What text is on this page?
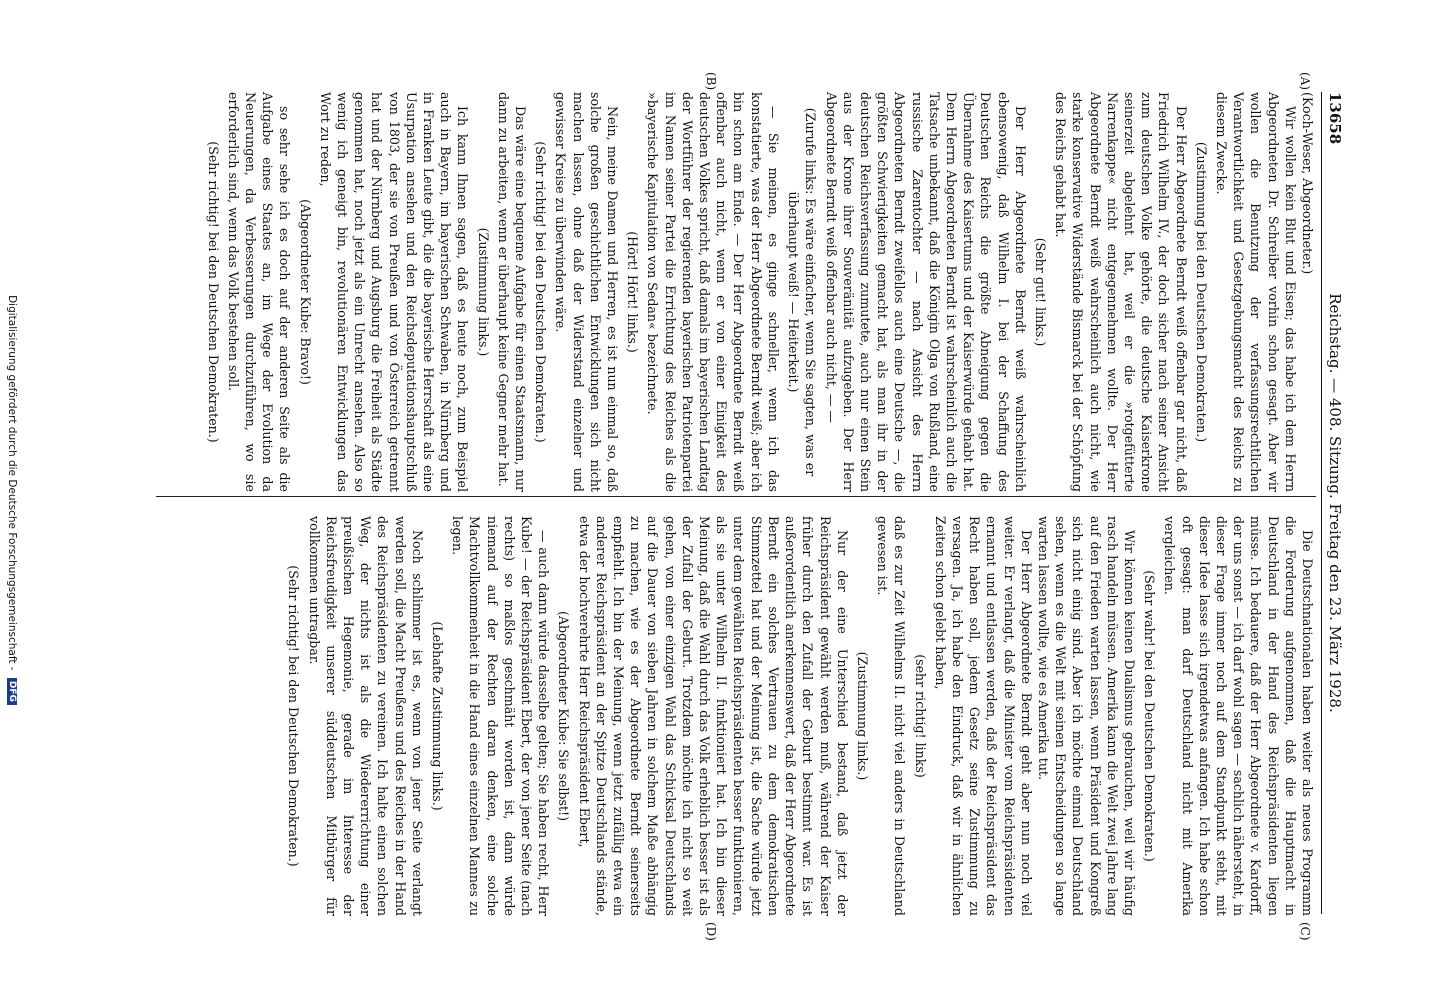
13658
Reichstag. — 408. Sitzung. Freitag den 23. März 1928.
(A)
(B)
(C)
(D)

(Koch-Weser, Abgeordneter.)

Wir wollen kein Blut und Eisen; das habe ich dem Herrn Abgeordneten Dr. Schreiber vorhin schon gesagt. Aber wir wollen die Benutzung der verfassungsrechtlichen Verantwortlichkeit und Gesetzgebungsmacht des Reichs zu diesem Zwecke.

(Zustimmung bei den Deutschen Demokraten.)

Der Herr Abgeordnete Berndt weiß offenbar gar nicht, daß Friedrich Wilhelm IV., der doch sicher nach seiner Ansicht zum deutschen Volke gehörte, die deutsche Kaiserkrone seinerzeit abgelehnt hat, weil er die »rotgefütterte Narrenkappe« nicht entgegennehmen wollte. Der Herr Abgeordnete Berndt weiß wahrscheinlich auch nicht, wie starke konservative Widerstände Bismarck bei der Schöpfung des Reichs gehabt hat.

(Sehr gut! links.)

Der Herr Abgeordnete Berndt weiß wahrscheinlich ebensowenig, daß Wilhelm I. bei der Schaffung des Deutschen Reichs die größte Abneigung gegen die Übernahme des Kaisertums und der Kaiserwürde gehabt hat. Dem Herrn Abgeordneten Berndt ist wahrscheinlich auch die Tatsache unbekannt, daß die Königin Olga von Rußland, eine russische Zarentochter — nach Ansicht des Herrn Abgeordneten Berndt zweifellos auch eine Deutsche —, die größten Schwierigkeiten gemacht hat, als man ihr in der deutschen Reichsverfassung zumutete, auch nur einen Stein aus der Krone ihrer Souveränität aufzugeben. Der Herr Abgeordnete Berndt weiß offenbar auch nicht, — —

(Zurufe links: Es wäre einfacher, wenn Sie sagten, was er überhaupt weiß! — Heiterkeit.)

— Sie meinen, es ginge schneller, wenn ich das konstatierte, was der Herr Abgeordnete Berndt weiß; aber ich bin schon am Ende. — Der Herr Abgeordnete Berndt weiß offenbar auch nicht, wenn er von einer Einigkeit des deutschen Volkes spricht, daß damals im bayerischen Landtag der Wortführer der regierenden bayerischen Patriotenpartei im Namen seiner Partei die Errichtung des Reiches als die »bayerische Kapitulation von Sedan« bezeichnete.

(Hört! Hört! links.)

Nein, meine Damen und Herren, es ist nun einmal so, daß solche großen geschichtlichen Entwicklungen sich nicht machen lassen, ohne daß der Widerstand einzelner und gewisser Kreise zu überwinden wäre.

(Sehr richtig! bei den Deutschen Demokraten.)

Das wäre eine bequeme Aufgabe für einen Staatsmann, nur dann zu arbeiten, wenn er überhaupt keine Gegner mehr hat.

(Zustimmung links.)

Ich kann Ihnen sagen, daß es heute noch, zum Beispiel auch in Bayern, im bayerischen Schwaben, in Nürnberg und in Franken Leute gibt, die die bayerische Herrschaft als eine Usurpation ansehen und den Reichsdeputationshauptschluß von 1803, der sie von Preußen und von Österreich getrennt hat und der Nürnberg und Augsburg die Freiheit als Städte genommen hat, noch jetzt als ein Unrecht ansehen. Also so wenig ich geneigt bin, revolutionären Entwicklungen das Wort zu reden,

(Abgeordneter Kube: Bravo!)

so sehr sehe ich es doch auf der anderen Seite als die Aufgabe eines Staates an, im Wege der Evolution da Neuerungen, da Verbesserungen durchzuführen, wo sie erforderlich sind, wenn das Volk bestehen soll.

(Sehr richtig! bei den Deutschen Demokraten.)

Die Deutschnationalen haben weiter als neues Programm die Forderung aufgenommen, daß die Hauptmacht in Deutschland in der Hand des Reichspräsidenten liegen müsse. Ich bedauere, daß der Herr Abgeordnete v. Kardorff, der uns sonst — ich darf wohl sagen — sachlich nähersteht, in dieser Frage immer noch auf dem Standpunkt steht, mit dieser Idee lasse sich irgendetwas anfangen. Ich habe schon oft gesagt: man darf Deutschland nicht mit Amerika vergleichen.

(Sehr wahr! bei den Deutschen Demokraten.)

Wir können keinen Dualismus gebrauchen, weil wir häufig rasch handeln müssen. Amerika kann die Welt zwei Jahre lang auf den Frieden warten lassen, wenn Präsident und Kongreß sich nicht einig sind. Aber ich möchte einmal Deutschland sehen, wenn es die Welt mit seinen Entscheidungen so lange warten lassen wollte, wie es Amerika tut.

Der Herr Abgeordnete Berndt geht aber nun noch viel weiter. Er verlangt, daß die Minister vom Reichspräsidenten ernannt und entlassen werden, daß der Reichspräsident das Recht haben soll, jedem Gesetz seine Zustimmung zu versagen. Ja, ich habe den Eindruck, daß wir in ähnlichen Zeiten schon gelebt haben,

(sehr richtig! links)

daß es zur Zeit Wilhelms II. nicht viel anders in Deutschland gewesen ist.

(Zustimmung links.)

Nur der eine Unterschied bestand, daß jetzt der Reichspräsident gewählt werden muß, während der Kaiser früher durch den Zufall der Geburt bestimmt war. Es ist außerordentlich anerkennenswert, daß der Herr Abgeordnete Berndt ein solches Vertrauen zu dem demokratischen Stimmzettel hat und der Meinung ist, die Sache würde jetzt unter dem gewählten Reichspräsidenten besser funktionieren, als sie unter Wilhelm II. funktioniert hat. Ich bin dieser Meinung, daß die Wahl durch das Volk erheblich besser ist als der Zufall der Geburt. Trotzdem möchte ich nicht so weit gehen, von einer einzigen Wahl das Schicksal Deutschlands auf die Dauer von sieben Jahren in solchem Maße abhängig zu machen, wie es der Abgeordnete Berndt seinerseits empfiehlt. Ich bin der Meinung, wenn jetzt zufällig etwa ein anderer Reichspräsident an der Spitze Deutschlands stände, etwa der hochverehrte Herr Reichspräsident Ebert,

(Abgeordneter Kube: Sie selbst!)

— auch dann würde dasselbe gelten; Sie haben recht, Herr Kube! — der Reichspräsident Ebert, der von jener Seite (nach rechts) so maßlos geschmäht worden ist, dann würde niemand auf der Rechten daran denken, eine solche Machtvollkommenheit in die Hand eines einzelnen Mannes zu legen.

(Lebhafte Zustimmung links.)

Noch schlimmer ist es, wenn von jener Seite verlangt werden soll, die Macht Preußens und des Reiches in der Hand des Reichspräsidenten zu vereinen. Ich halte einen solchen Weg, der nichts ist als die Wiedererrichtung einer preußischen Hegemonie, gerade im Interesse der Reichsfreudigkeit unserer süddeutschen Mitbürger für vollkommen untragbar.

(Sehr richtig! bei den Deutschen Demokraten.)

Digitalisierung gefördert durch die Deutsche Forschungsgemeinschaft - DFG
